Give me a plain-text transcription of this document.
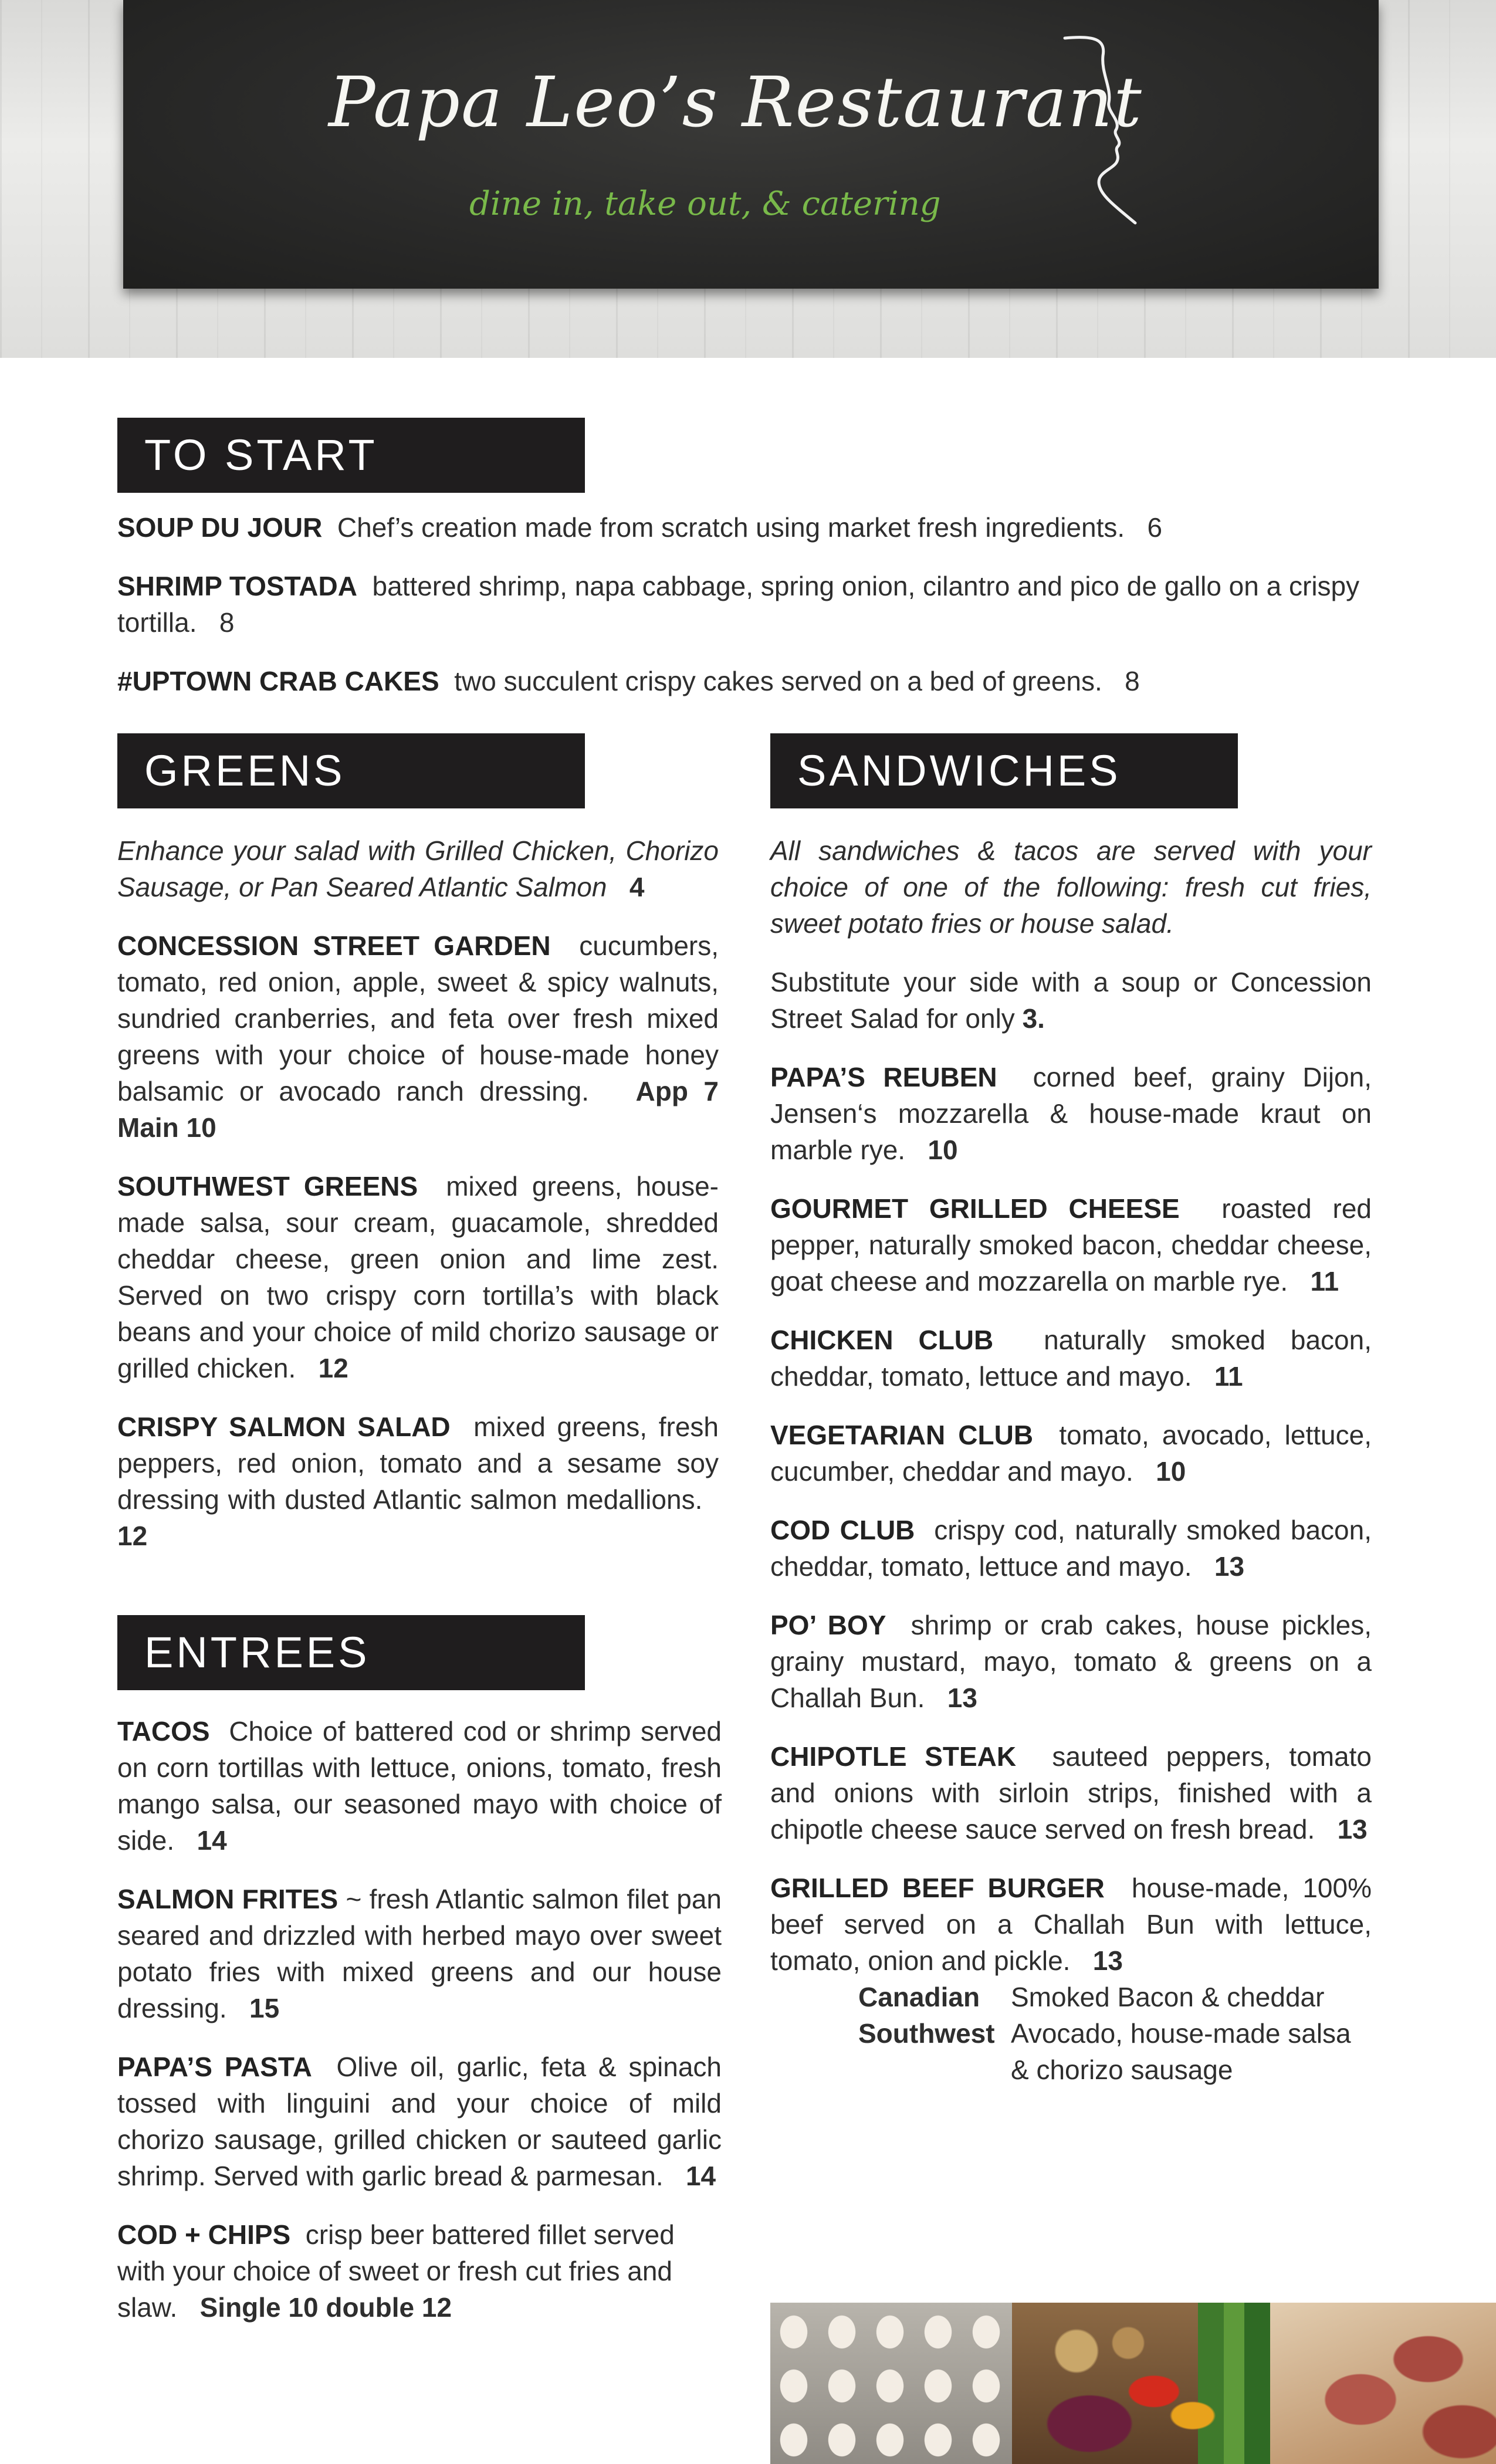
Papa Leo’s Restaurant
dine in, take out, & catering
TO START

SOUP DU JOUR Chef’s creation made from scratch using market fresh ingredients. 6

SHRIMP TOSTADA battered shrimp, napa cabbage, spring onion, cilantro and pico de gallo on a crispy tortilla. 8

#UPTOWN CRAB CAKES two succulent crispy cakes served on a bed of greens. 8

GREENS

Enhance your salad with Grilled Chicken, Chorizo Sausage, or Pan Seared Atlantic Salmon 4

CONCESSION STREET GARDEN cucumbers, tomato, red onion, apple, sweet & spicy walnuts, sundried cranberries, and feta over fresh mixed greens with your choice of house-made honey balsamic or avocado ranch dressing. App 7 Main 10

SOUTHWEST GREENS mixed greens, house-made salsa, sour cream, guacamole, shredded cheddar cheese, green onion and lime zest. Served on two crispy corn tortilla’s with black beans and your choice of mild chorizo sausage or grilled chicken. 12

CRISPY SALMON SALAD mixed greens, fresh peppers, red onion, tomato and a sesame soy dressing with dusted Atlantic salmon medallions.   12

ENTREES

TACOS Choice of battered cod or shrimp served on corn tortillas with lettuce, onions, tomato, fresh mango salsa, our seasoned mayo with choice of side. 14

SALMON FRITES ~ fresh Atlantic salmon filet pan seared and drizzled with herbed mayo over sweet potato fries with mixed greens and our house dressing. 15

PAPA’S PASTA Olive oil, garlic, feta & spinach tossed with linguini and your choice of mild chorizo sausage, grilled chicken or sauteed garlic shrimp. Served with garlic bread & parmesan. 14

COD + CHIPS crisp beer battered fillet served with your choice of sweet or fresh cut fries and slaw. Single 10 double 12

SANDWICHES

All sandwiches & tacos are served with your choice of one of the following: fresh cut fries, sweet potato fries or house salad.

Substitute your side with a soup or Concession Street Salad for only 3.

PAPA’S REUBEN corned beef, grainy Dijon, Jensen‘s mozzarella & house-made kraut on marble rye. 10

GOURMET GRILLED CHEESE roasted red pepper, naturally smoked bacon, cheddar cheese, goat cheese and mozzarella on marble rye. 11

CHICKEN CLUB naturally smoked bacon, cheddar, tomato, lettuce and mayo. 11

VEGETARIAN CLUB tomato, avocado, lettuce, cucumber, cheddar and mayo. 10

COD CLUB crispy cod, naturally smoked bacon, cheddar, tomato, lettuce and mayo. 13

PO’ BOY shrimp or crab cakes, house pickles, grainy mustard, mayo, tomato & greens on a Challah Bun. 13

CHIPOTLE STEAK sauteed peppers, tomato and onions with sirloin strips, finished with a chipotle cheese sauce served on fresh bread. 13

GRILLED BEEF BURGER house-made, 100% beef served on a Challah Bun with lettuce, tomato, onion and pickle. 13

Canadian	Smoked Bacon & cheddar
Southwest Avocado, house-made salsa & chorizo sausage
